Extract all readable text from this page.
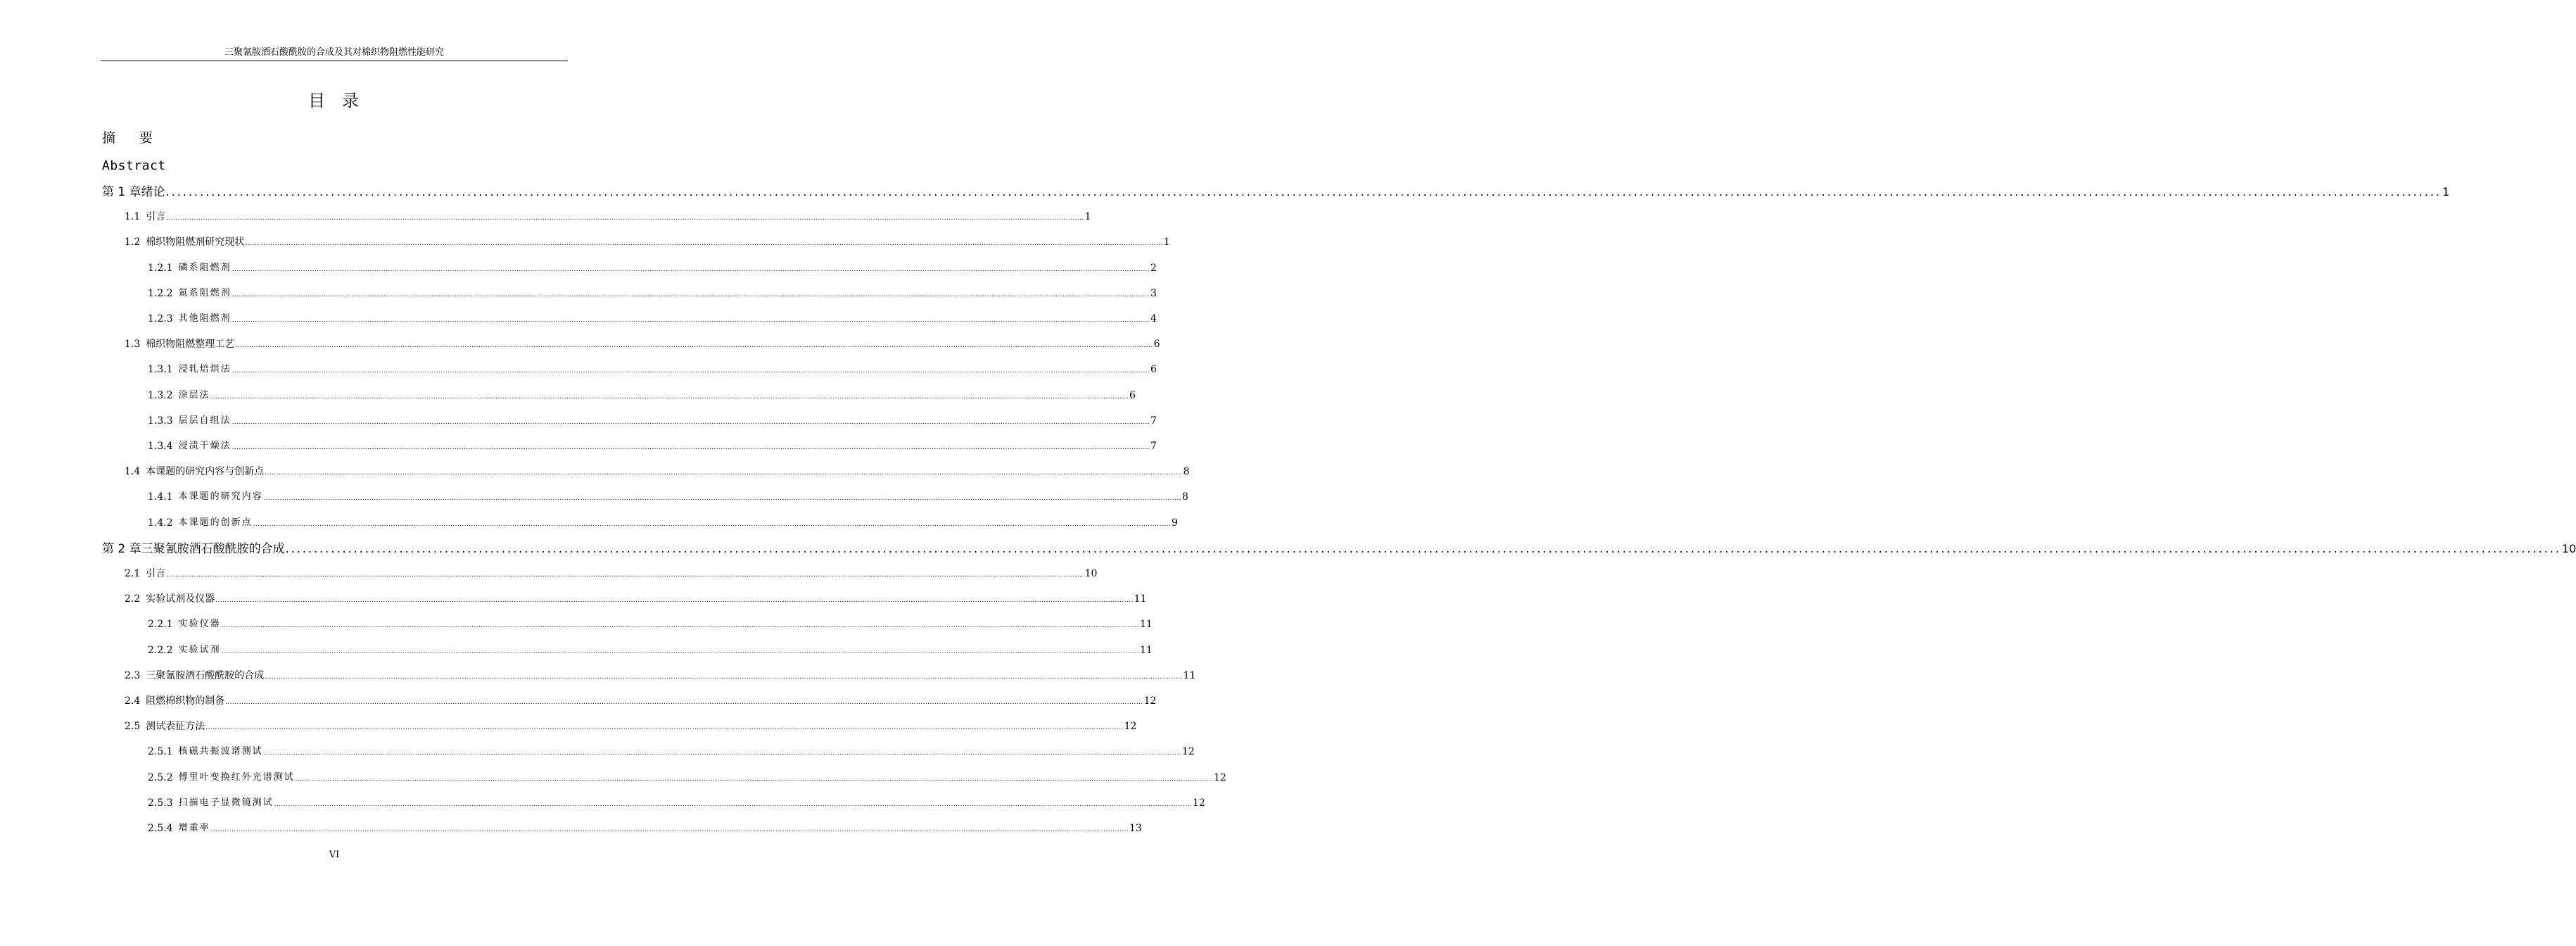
三聚氰胺酒石酸酰胺的合成及其对棉织物阻燃性能研究
目 录
摘 要
Abstract
第 1 章 绪论 ................................................................................................................................................................................................................................................................................................................................................................................................................ 1
1.1 引言 ................................................................................................................................................................................................................................................................................................................................................................................................................ 1
1.2 棉织物阻燃剂研究现状 ................................................................................................................................................................................................................................................................................................................................................................................................................ 1
1.2.1 磷系阻燃剂 ................................................................................................................................................................................................................................................................................................................................................................................................................ 2
1.2.2 氮系阻燃剂 ................................................................................................................................................................................................................................................................................................................................................................................................................ 3
1.2.3 其他阻燃剂 ................................................................................................................................................................................................................................................................................................................................................................................................................ 4
1.3 棉织物阻燃整理工艺 ................................................................................................................................................................................................................................................................................................................................................................................................................ 6
1.3.1 浸轧焙烘法 ................................................................................................................................................................................................................................................................................................................................................................................................................ 6
1.3.2 涂层法 ................................................................................................................................................................................................................................................................................................................................................................................................................ 6
1.3.3 层层自组法 ................................................................................................................................................................................................................................................................................................................................................................................................................ 7
1.3.4 浸渍干燥法 ................................................................................................................................................................................................................................................................................................................................................................................................................ 7
1.4 本课题的研究内容与创新点 ................................................................................................................................................................................................................................................................................................................................................................................................................ 8
1.4.1 本课题的研究内容 ................................................................................................................................................................................................................................................................................................................................................................................................................ 8
1.4.2 本课题的创新点 ................................................................................................................................................................................................................................................................................................................................................................................................................ 9
第 2 章 三聚氰胺酒石酸酰胺的合成 ................................................................................................................................................................................................................................................................................................................................................................................................................ 10
2.1 引言 ................................................................................................................................................................................................................................................................................................................................................................................................................ 10
2.2 实验试剂及仪器 ................................................................................................................................................................................................................................................................................................................................................................................................................ 11
2.2.1 实验仪器 ................................................................................................................................................................................................................................................................................................................................................................................................................ 11
2.2.2 实验试剂 ................................................................................................................................................................................................................................................................................................................................................................................................................ 11
2.3 三聚氰胺酒石酸酰胺的合成 ................................................................................................................................................................................................................................................................................................................................................................................................................ 11
2.4 阻燃棉织物的制备 ................................................................................................................................................................................................................................................................................................................................................................................................................ 12
2.5 测试表征方法 ................................................................................................................................................................................................................................................................................................................................................................................................................ 12
2.5.1 核磁共振波谱测试 ................................................................................................................................................................................................................................................................................................................................................................................................................ 12
2.5.2 傅里叶变换红外光谱测试 ................................................................................................................................................................................................................................................................................................................................................................................................................ 12
2.5.3 扫描电子显微镜测试 ................................................................................................................................................................................................................................................................................................................................................................................................................ 12
2.5.4 增重率 ................................................................................................................................................................................................................................................................................................................................................................................................................ 13
VI
